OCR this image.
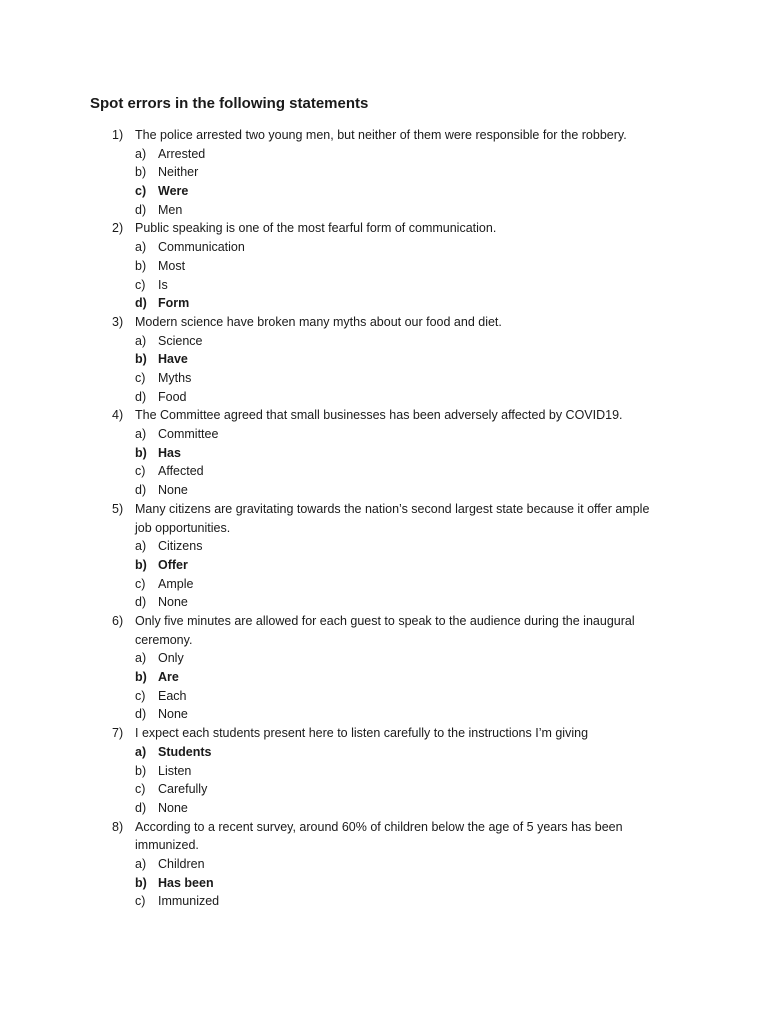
Spot errors in the following statements
1) The police arrested two young men, but neither of them were responsible for the robbery.
a) Arrested
b) Neither
c) Were
d) Men
2) Public speaking is one of the most fearful form of communication.
a) Communication
b) Most
c) Is
d) Form
3) Modern science have broken many myths about our food and diet.
a) Science
b) Have
c) Myths
d) Food
4) The Committee agreed that small businesses has been adversely affected by COVID19.
a) Committee
b) Has
c) Affected
d) None
5) Many citizens are gravitating towards the nation’s second largest state because it offer ample job opportunities.
a) Citizens
b) Offer
c) Ample
d) None
6) Only five minutes are allowed for each guest to speak to the audience during the inaugural ceremony.
a) Only
b) Are
c) Each
d) None
7) I expect each students present here to listen carefully to the instructions I’m giving
a) Students
b) Listen
c) Carefully
d) None
8) According to a recent survey, around 60% of children below the age of 5 years has been immunized.
a) Children
b) Has been
c) Immunized
